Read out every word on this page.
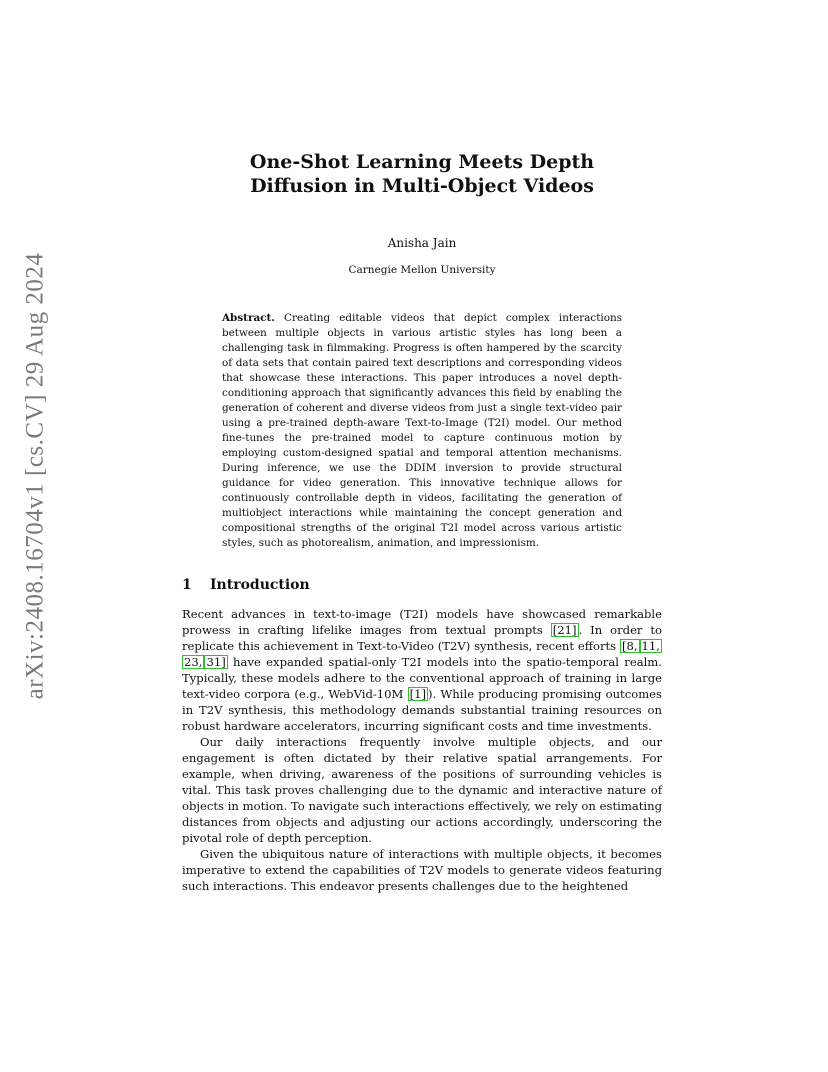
arXiv:2408.16704v1 [cs.CV] 29 Aug 2024
One-Shot Learning Meets Depth Diffusion in Multi-Object Videos
Anisha Jain
Carnegie Mellon University
Abstract. Creating editable videos that depict complex interactions between multiple objects in various artistic styles has long been a challenging task in filmmaking. Progress is often hampered by the scarcity of data sets that contain paired text descriptions and corresponding videos that showcase these interactions. This paper introduces a novel depth-conditioning approach that significantly advances this field by enabling the generation of coherent and diverse videos from just a single text-video pair using a pre-trained depth-aware Text-to-Image (T2I) model. Our method fine-tunes the pre-trained model to capture continuous motion by employing custom-designed spatial and temporal attention mechanisms. During inference, we use the DDIM inversion to provide structural guidance for video generation. This innovative technique allows for continuously controllable depth in videos, facilitating the generation of multiobject interactions while maintaining the concept generation and compositional strengths of the original T2I model across various artistic styles, such as photorealism, animation, and impressionism.
1	Introduction

Recent advances in text-to-image (T2I) models have showcased remarkable prowess in crafting lifelike images from textual prompts [21] . In order to replicate this achievement in Text-to-Video (T2V) synthesis, recent efforts [8, 11,23, 31] have expanded spatial-only T2I models into the spatio-temporal realm. Typically, these models adhere to the conventional approach of training in large text-video corpora (e.g., WebVid-10M [1] ). While producing promising outcomes in T2V synthesis, this methodology demands substantial training resources on robust hardware accelerators, incurring significant costs and time investments.

Our daily interactions frequently involve multiple objects, and our engagement is often dictated by their relative spatial arrangements. For example, when driving, awareness of the positions of surrounding vehicles is vital. This task proves challenging due to the dynamic and interactive nature of objects in motion. To navigate such interactions effectively, we rely on estimating distances from objects and adjusting our actions accordingly, underscoring the pivotal role of depth perception.

Given the ubiquitous nature of interactions with multiple objects, it becomes imperative to extend the capabilities of T2V models to generate videos featuring such interactions. This endeavor presents challenges due to the heightened
